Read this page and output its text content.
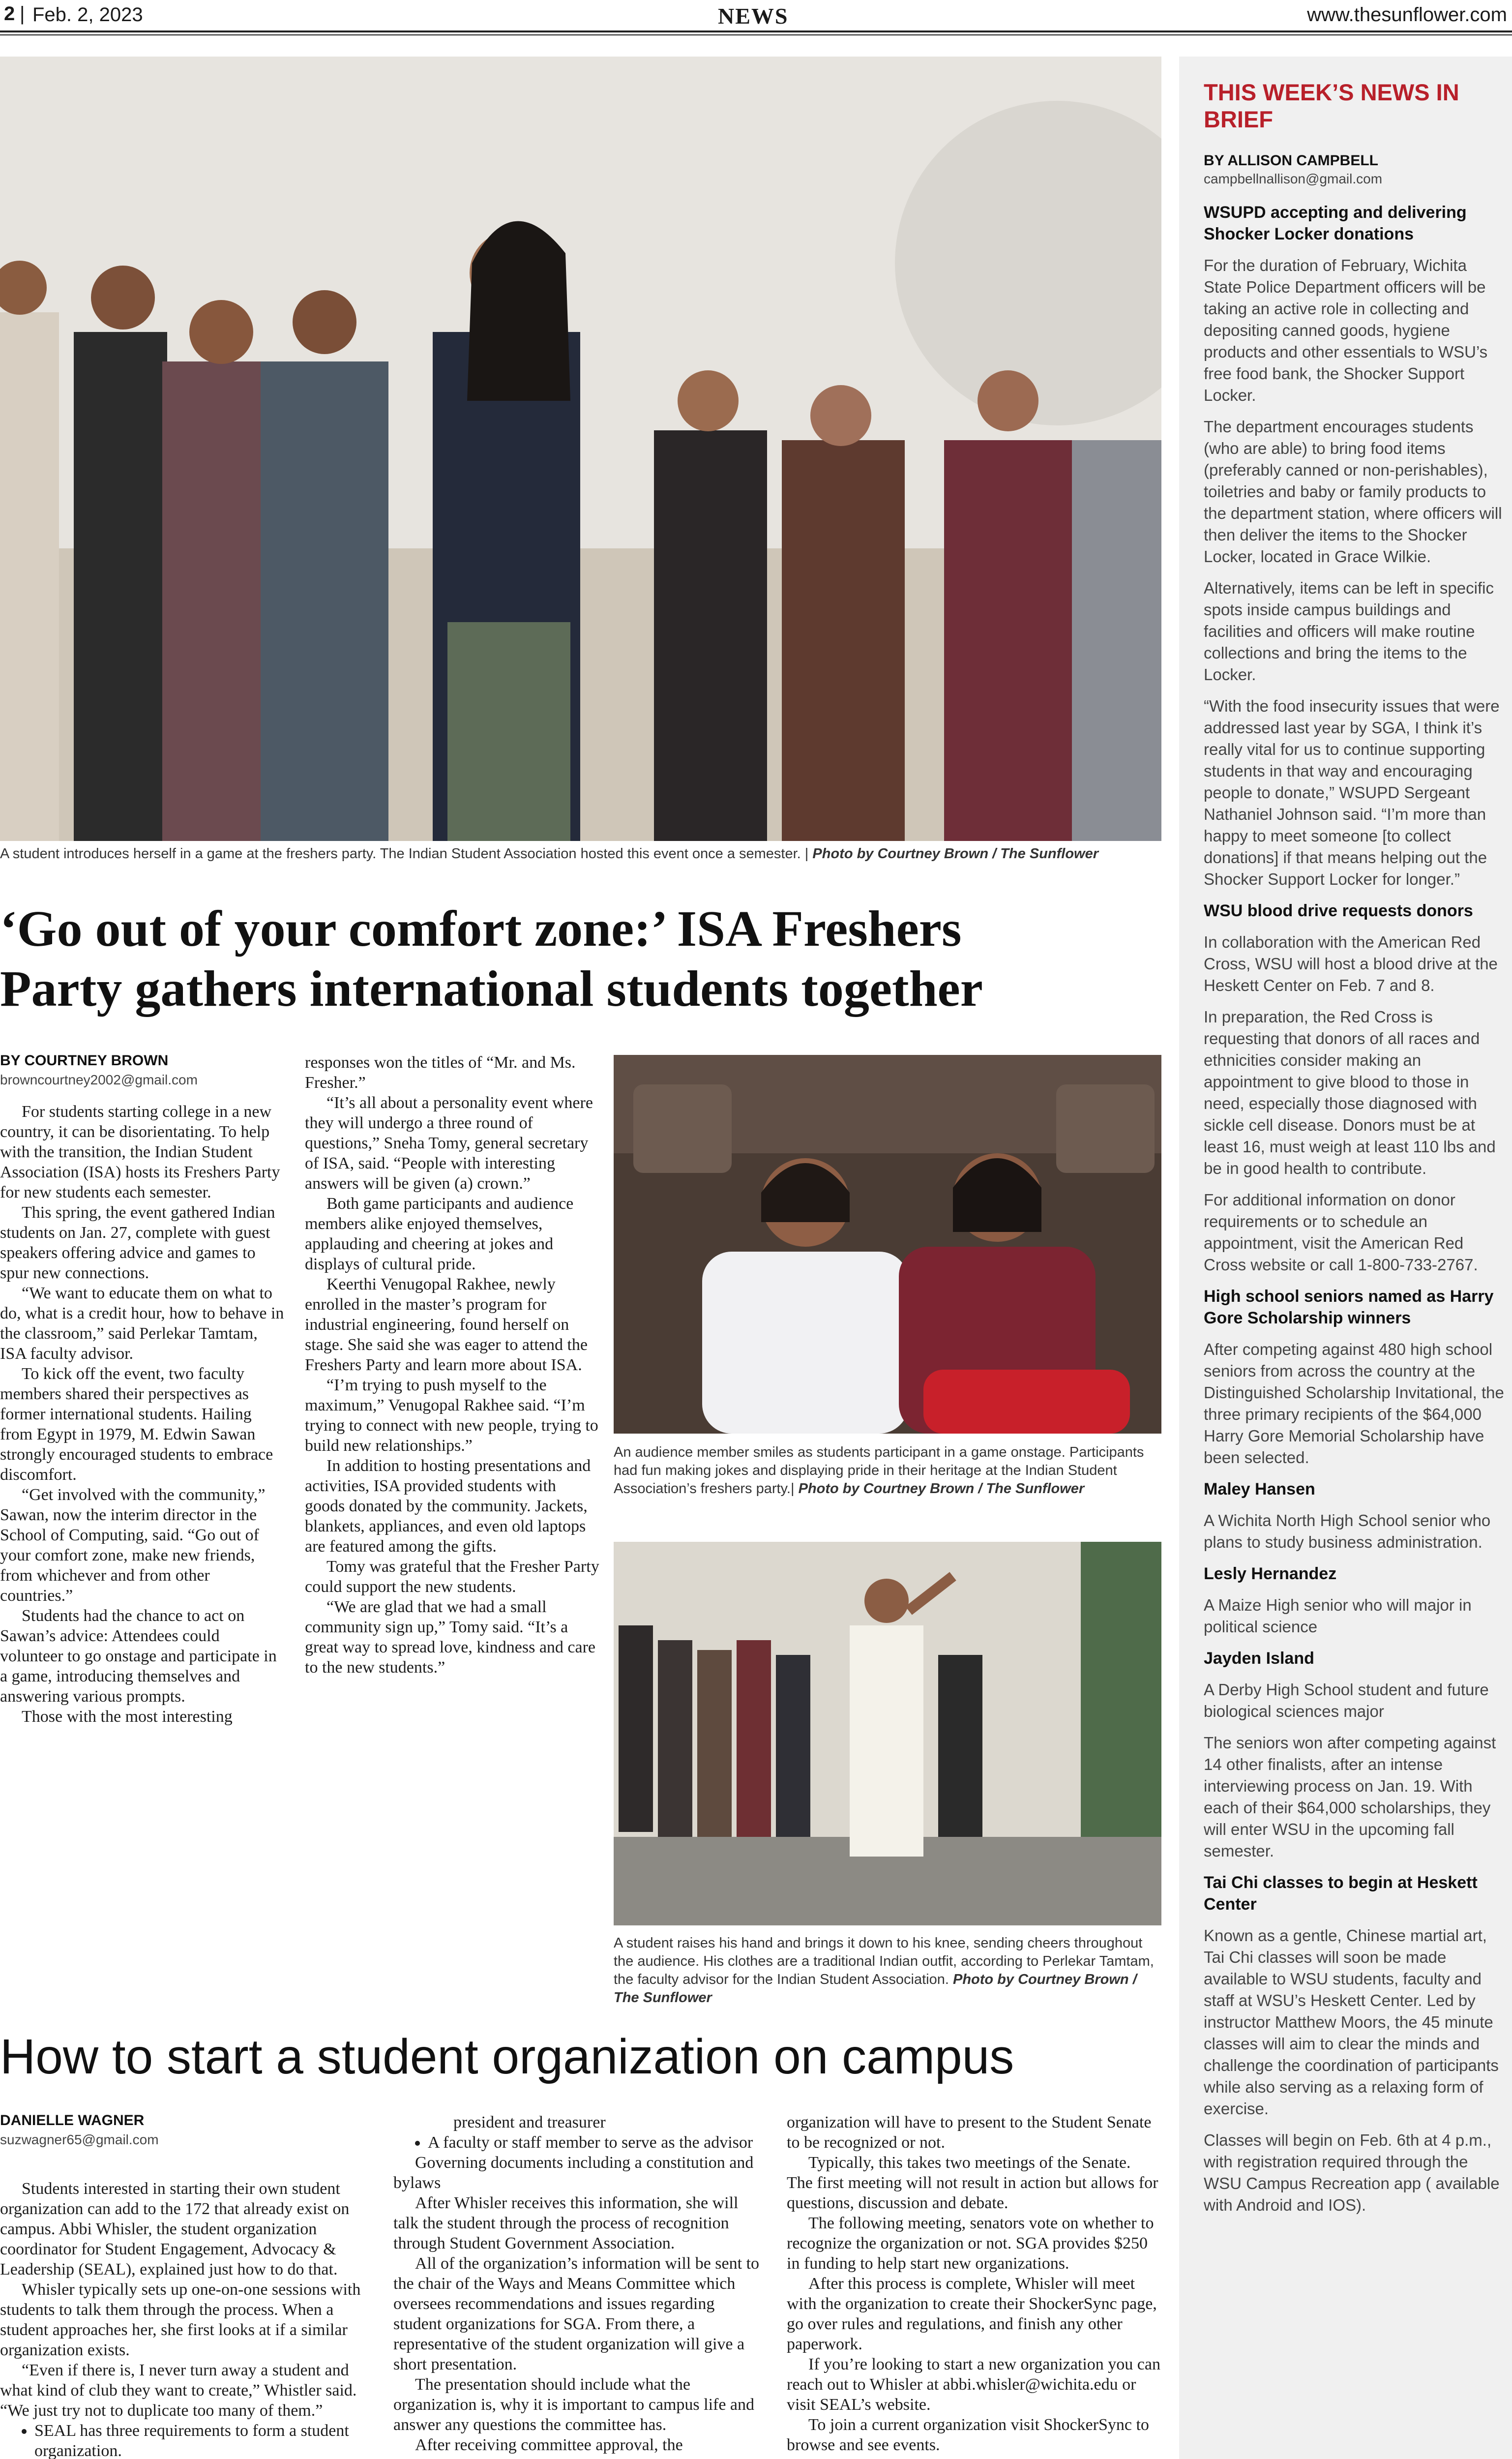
2 | Feb. 2, 2023	NEWS	www.thesunflower.com
A student introduces herself in a game at the freshers party. The Indian Student Association hosted this event once a semester. | Photo by Courtney Brown / The Sunflower
‘Go out of your comfort zone:’ ISA Freshers
Party gathers international students together
BY COURTNEY BROWN
browncourtney2002@gmail.com

For students starting college in a new country, it can be disorientating. To help with the transition, the Indian Student Association (ISA) hosts its Freshers Party for new students each semester.

This spring, the event gathered Indian students on Jan. 27, complete with guest speakers offering advice and games to spur new connections.

“We want to educate them on what to do, what is a credit hour, how to behave in the classroom,” said Perlekar Tamtam, ISA faculty advisor.

To kick off the event, two faculty members shared their perspectives as former international students. Hailing from Egypt in 1979, M. Edwin Sawan strongly encouraged students to embrace discomfort.

“Get involved with the community,” Sawan, now the interim director in the School of Computing, said. “Go out of your comfort zone, make new friends, from whichever and from other countries.”

Students had the chance to act on Sawan’s advice: Attendees could volunteer to go onstage and participate in a game, introducing themselves and answering various prompts.

Those with the most interesting

responses won the titles of “Mr. and Ms. Fresher.”

“It’s all about a personality event where they will undergo a three round of questions,” Sneha Tomy, general secretary of ISA, said. “People with interesting answers will be given (a) crown.”

Both game participants and audience members alike enjoyed themselves, applauding and cheering at jokes and displays of cultural pride.

Keerthi Venugopal Rakhee, newly enrolled in the master’s program for industrial engineering, found herself on stage. She said she was eager to attend the Freshers Party and learn more about ISA.

“I’m trying to push myself to the maximum,” Venugopal Rakhee said. “I’m trying to connect with new people, trying to build new relationships.”

In addition to hosting presentations and activities, ISA provided students with goods donated by the community. Jackets, blankets, appliances, and even old laptops are featured among the gifts.

Tomy was grateful that the Fresher Party could support the new students.

“We are glad that we had a small community sign up,” Tomy said. “It’s a great way to spread love, kindness and care to the new students.”

An audience member smiles as students participant in a game onstage. Participants had fun making jokes and displaying pride in their heritage at the Indian Student Association’s freshers party.| Photo by Courtney Brown / The Sunflower
A student raises his hand and brings it down to his knee, sending cheers throughout the audience. His clothes are a traditional Indian outfit, according to Perlekar Tamtam, the faculty advisor for the Indian Student Association. Photo by Courtney Brown / The Sunflower
How to start a student organization on campus
DANIELLE WAGNER
suzwagner65@gmail.com

Students interested in starting their own student organization can add to the 172 that already exist on campus. Abbi Whisler, the student organization coordinator for Student Engagement, Advocacy & Leadership (SEAL), explained just how to do that.

Whisler typically sets up one-on-one sessions with students to talk them through the process. When a student approaches her, she first looks at if a similar organization exists.

“Even if there is, I never turn away a student and what kind of club they want to create,” Whistler said. “We just try not to duplicate too many of them.”

• SEAL has three requirements to form a student organization.
president and treasurer
• A faculty or staff member to serve as the advisor

Governing documents including a constitution and bylaws

After Whisler receives this information, she will talk the student through the process of recognition through Student Government Association.

All of the organization’s information will be sent to the chair of the Ways and Means Committee which oversees recommendations and issues regarding student organizations for SGA. From there, a representative of the student organization will give a short presentation.

The presentation should include what the organization is, why it is important to campus life and answer any questions the committee has.

After receiving committee approval, the

organization will have to present to the Student Senate to be recognized or not.

Typically, this takes two meetings of the Senate. The first meeting will not result in action but allows for questions, discussion and debate.

The following meeting, senators vote on whether to recognize the organization or not. SGA provides $250 in funding to help start new organizations.

After this process is complete, Whisler will meet with the organization to create their ShockerSync page, go over rules and regulations, and finish any other paperwork.

If you’re looking to start a new organization you can reach out to Whisler at abbi.whisler@wichita.edu or visit SEAL’s website.

To join a current organization visit ShockerSync to browse and see events.

THIS WEEK’S NEWS IN BRIEF
BY ALLISON CAMPBELL
campbellnallison@gmail.com
WSUPD accepting and delivering Shocker Locker donations

For the duration of February, Wichita State Police Department officers will be taking an active role in collecting and depositing canned goods, hygiene products and other essentials to WSU’s free food bank, the Shocker Support Locker.

The department encourages students (who are able) to bring food items (preferably canned or non-perishables), toiletries and baby or family products to the department station, where officers will then deliver the items to the Shocker Locker, located in Grace Wilkie.

Alternatively, items can be left in specific spots inside campus buildings and facilities and officers will make routine collections and bring the items to the Locker.

“With the food insecurity issues that were addressed last year by SGA, I think it’s really vital for us to continue supporting students in that way and encouraging people to donate,” WSUPD Sergeant Nathaniel Johnson said. “I’m more than happy to meet someone [to collect donations] if that means helping out the Shocker Support Locker for longer.”

WSU blood drive requests donors

In collaboration with the American Red Cross, WSU will host a blood drive at the Heskett Center on Feb. 7 and 8.

In preparation, the Red Cross is requesting that donors of all races and ethnicities consider making an appointment to give blood to those in need, especially those diagnosed with sickle cell disease. Donors must be at least 16, must weigh at least 110 lbs and be in good health to contribute.

For additional information on donor requirements or to schedule an appointment, visit the American Red Cross website or call 1-800-733-2767.

High school seniors named as Harry Gore Scholarship winners

After competing against 480 high school seniors from across the country at the Distinguished Scholarship Invitational, the three primary recipients of the $64,000 Harry Gore Memorial Scholarship have been selected.

Maley Hansen

A Wichita North High School senior who plans to study business administration.

Lesly Hernandez

A Maize High senior who will major in political science

Jayden Island

A Derby High School student and future biological sciences major

The seniors won after competing against 14 other finalists, after an intense interviewing process on Jan. 19. With each of their $64,000 scholarships, they will enter WSU in the upcoming fall semester.

Tai Chi classes to begin at Heskett Center

Known as a gentle, Chinese martial art, Tai Chi classes will soon be made available to WSU students, faculty and staff at WSU’s Heskett Center. Led by instructor Matthew Moors, the 45 minute classes will aim to clear the minds and challenge the coordination of participants while also serving as a relaxing form of exercise.

Classes will begin on Feb. 6th at 4 p.m., with registration required through the WSU Campus Recreation app ( available with Android and IOS).
